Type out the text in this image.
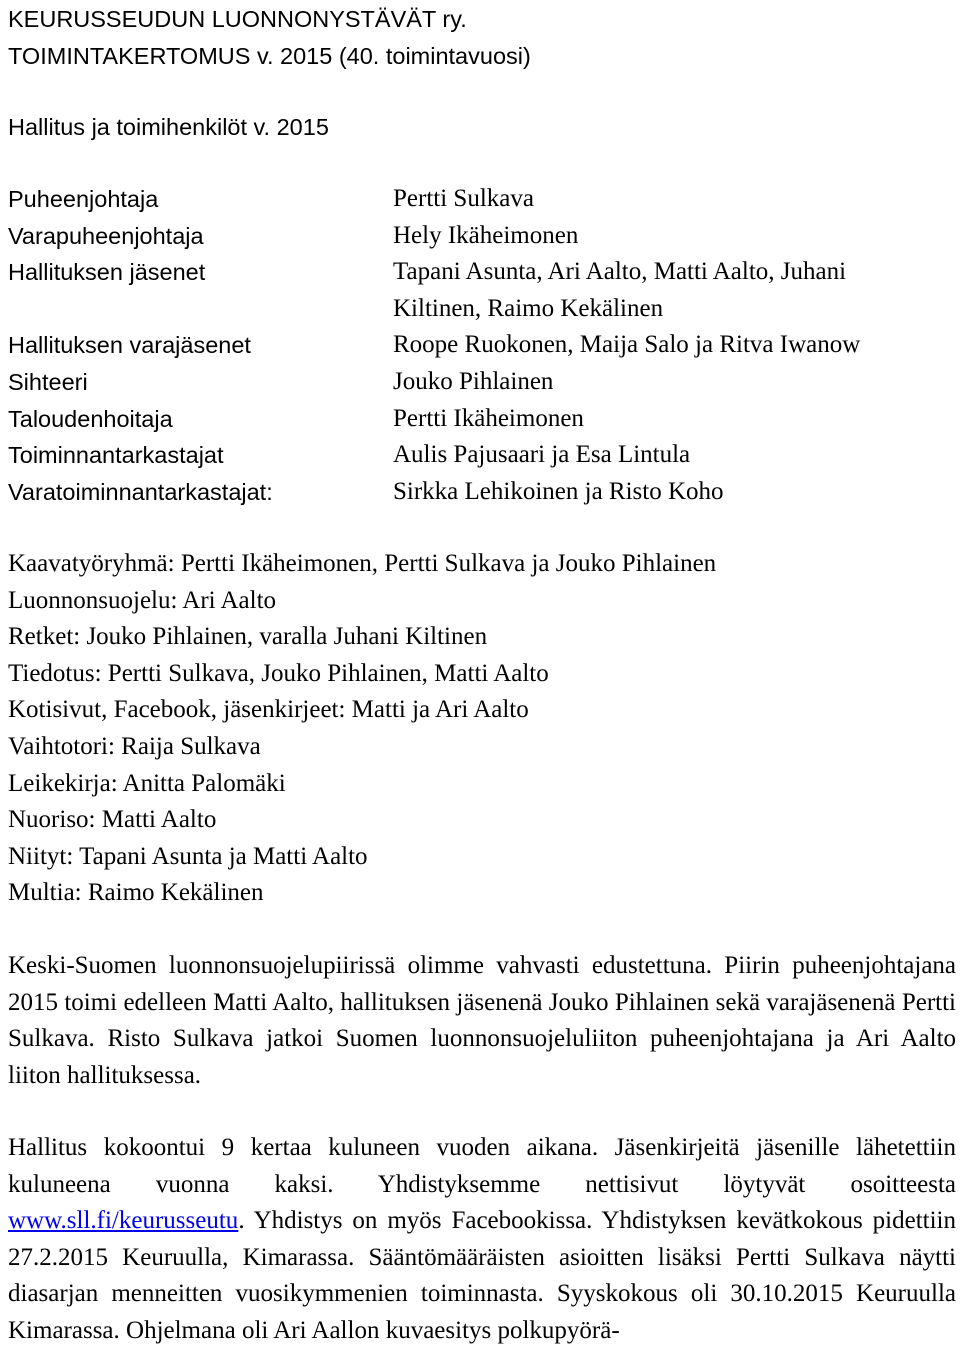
KEURUSSEUDUN LUONNONYSTÄVÄT ry.
TOIMINTAKERTOMUS v. 2015 (40. toimintavuosi)
Hallitus ja toimihenkilöt v. 2015
Puheenjohtaja
Varapuheenjohtaja
Hallituksen jäsenet
Hallituksen varajäsenet
Sihteeri
Taloudenhoitaja
Toiminnantarkastajat
Varatoiminnantarkastajat:
Pertti Sulkava
Hely Ikäheimonen
Tapani Asunta, Ari Aalto, Matti Aalto, Juhani
Kiltinen, Raimo Kekälinen
Roope Ruokonen, Maija Salo ja Ritva Iwanow
Jouko Pihlainen
Pertti Ikäheimonen
Aulis Pajusaari ja Esa Lintula
Sirkka Lehikoinen ja Risto Koho
Kaavatyöryhmä: Pertti Ikäheimonen, Pertti Sulkava ja Jouko Pihlainen
Luonnonsuojelu: Ari Aalto
Retket: Jouko Pihlainen, varalla Juhani Kiltinen
Tiedotus: Pertti Sulkava, Jouko Pihlainen, Matti Aalto
Kotisivut, Facebook, jäsenkirjeet: Matti ja Ari Aalto
Vaihtotori: Raija Sulkava
Leikekirja: Anitta Palomäki
Nuoriso: Matti Aalto
Niityt: Tapani Asunta ja Matti Aalto
Multia: Raimo Kekälinen
Keski-Suomen luonnonsuojelupiirissä olimme vahvasti edustettuna. Piirin puheenjohtajana 2015 toimi edelleen Matti Aalto, hallituksen jäsenenä Jouko Pihlainen sekä varajäsenenä Pertti Sulkava. Risto Sulkava jatkoi Suomen luonnonsuojeluliiton puheenjohtajana ja Ari Aalto liiton hallituksessa.
Hallitus kokoontui 9 kertaa kuluneen vuoden aikana. Jäsenkirjeitä jäsenille lähetettiin kuluneena vuonna kaksi. Yhdistyksemme nettisivut löytyvät osoitteesta www.sll.fi/keurusseutu. Yhdistys on myös Facebookissa. Yhdistyksen kevätkokous pidettiin 27.2.2015 Keuruulla, Kimarassa. Sääntömääräisten asioitten lisäksi Pertti Sulkava näytti diasarjan menneitten vuosikymmenien toiminnasta. Syyskokous oli 30.10.2015 Keuruulla Kimarassa. Ohjelmana oli Ari Aallon kuvaesitys polkupyörä-
